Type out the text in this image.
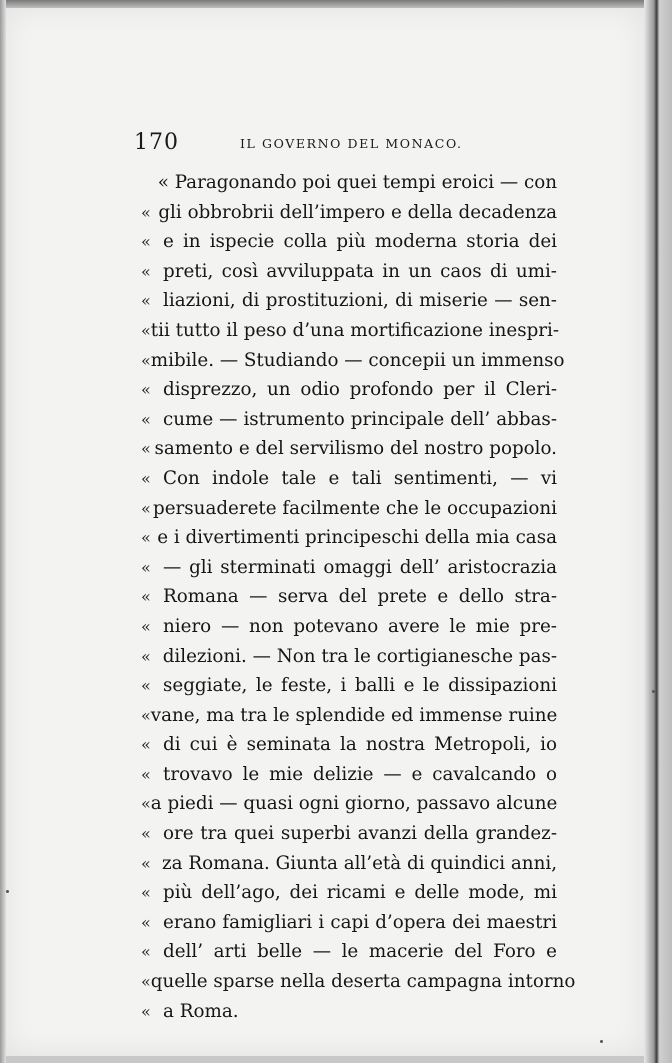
170	IL GOVERNO DEL MONACO.
« Paragonando poi quei tempi eroici — con
« gli obbrobrii dell’impero e della decadenza
« e in ispecie colla più moderna storia dei
« preti, così avviluppata in un caos di umi-
« liazioni, di prostituzioni, di miserie — sen-
« tii tutto il peso d’una mortificazione inespri-
« mibile. — Studiando — concepii un immenso
« disprezzo, un odio profondo per il Cleri-
« cume — istrumento principale dell’ abbas-
« samento e del servilismo del nostro popolo.
« Con indole tale e tali sentimenti, — vi
« persuaderete facilmente che le occupazioni
« e i divertimenti principeschi della mia casa
« — gli sterminati omaggi dell’ aristocrazia
« Romana — serva del prete e dello stra-
« niero — non potevano avere le mie pre-
« dilezioni. — Non tra le cortigianesche pas-
« seggiate, le feste, i balli e le dissipazioni
« vane, ma tra le splendide ed immense ruine
« di cui è seminata la nostra Metropoli, io
« trovavo le mie delizie — e cavalcando o
« a piedi — quasi ogni giorno, passavo alcune
« ore tra quei superbi avanzi della grandez-
« za Romana. Giunta all’età di quindici anni,
« più dell’ago, dei ricami e delle mode, mi
« erano famigliari i capi d’opera dei maestri
« dell’ arti belle — le macerie del Foro e
« quelle sparse nella deserta campagna intorno
« a Roma.
